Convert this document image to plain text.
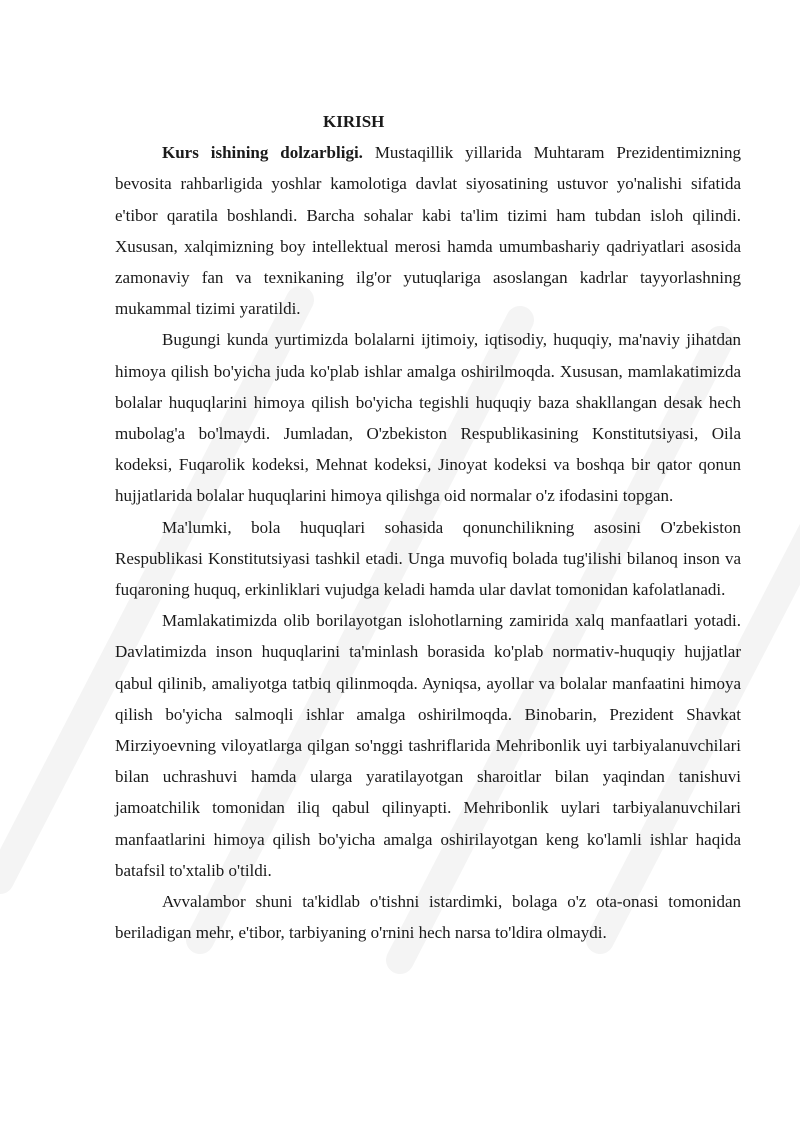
KIRISH

Kurs ishining dolzarbligi. Mustaqillik yillarida Muhtaram Prezidentimizning bevosita rahbarligida yoshlar kamolotiga davlat siyosatining ustuvor yo'nalishi sifatida e'tibor qaratila boshlandi. Barcha sohalar kabi ta'lim tizimi ham tubdan isloh qilindi. Xususan, xalqimizning boy intellektual merosi hamda umumbashariy qadriyatlari asosida zamonaviy fan va texnikaning ilg'or yutuqlariga asoslangan kadrlar tayyorlashning mukammal tizimi yaratildi.

Bugungi kunda yurtimizda bolalarni ijtimoiy, iqtisodiy, huquqiy, ma'naviy jihatdan himoya qilish bo'yicha juda ko'plab ishlar amalga oshirilmoqda. Xususan, mamlakatimizda bolalar huquqlarini himoya qilish bo'yicha tegishli huquqiy baza shakllangan desak hech mubolag'a bo'lmaydi. Jumladan, O'zbekiston Respublikasining Konstitutsiyasi, Oila kodeksi, Fuqarolik kodeksi, Mehnat kodeksi, Jinoyat kodeksi va boshqa bir qator qonun hujjatlarida bolalar huquqlarini himoya qilishga oid normalar o'z ifodasini topgan.

Ma'lumki, bola huquqlari sohasida qonunchilikning asosini O'zbekiston Respublikasi Konstitutsiyasi tashkil etadi. Unga muvofiq bolada tug'ilishi bilanoq inson va fuqaroning huquq, erkinliklari vujudga keladi hamda ular davlat tomonidan kafolatlanadi.

Mamlakatimizda olib borilayotgan islohotlarning zamirida xalq manfaatlari yotadi. Davlatimizda inson huquqlarini ta'minlash borasida ko'plab normativ-huquqiy hujjatlar qabul qilinib, amaliyotga tatbiq qilinmoqda. Ayniqsa, ayollar va bolalar manfaatini himoya qilish bo'yicha salmoqli ishlar amalga oshirilmoqda. Binobarin, Prezident Shavkat Mirziyoevning viloyatlarga qilgan so'nggi tashriflarida Mehribonlik uyi tarbiyalanuvchilari bilan uchrashuvi hamda ularga yaratilayotgan sharoitlar bilan yaqindan tanishuvi jamoatchilik tomonidan iliq qabul qilinyapti. Mehribonlik uylari tarbiyalanuvchilari manfaatlarini himoya qilish bo'yicha amalga oshirilayotgan keng ko'lamli ishlar haqida batafsil to'xtalib o'tildi.

Avvalambor shuni ta'kidlab o'tishni istardimki, bolaga o'z ota-onasi tomonidan beriladigan mehr, e'tibor, tarbiyaning o'rnini hech narsa to'ldira olmaydi.
